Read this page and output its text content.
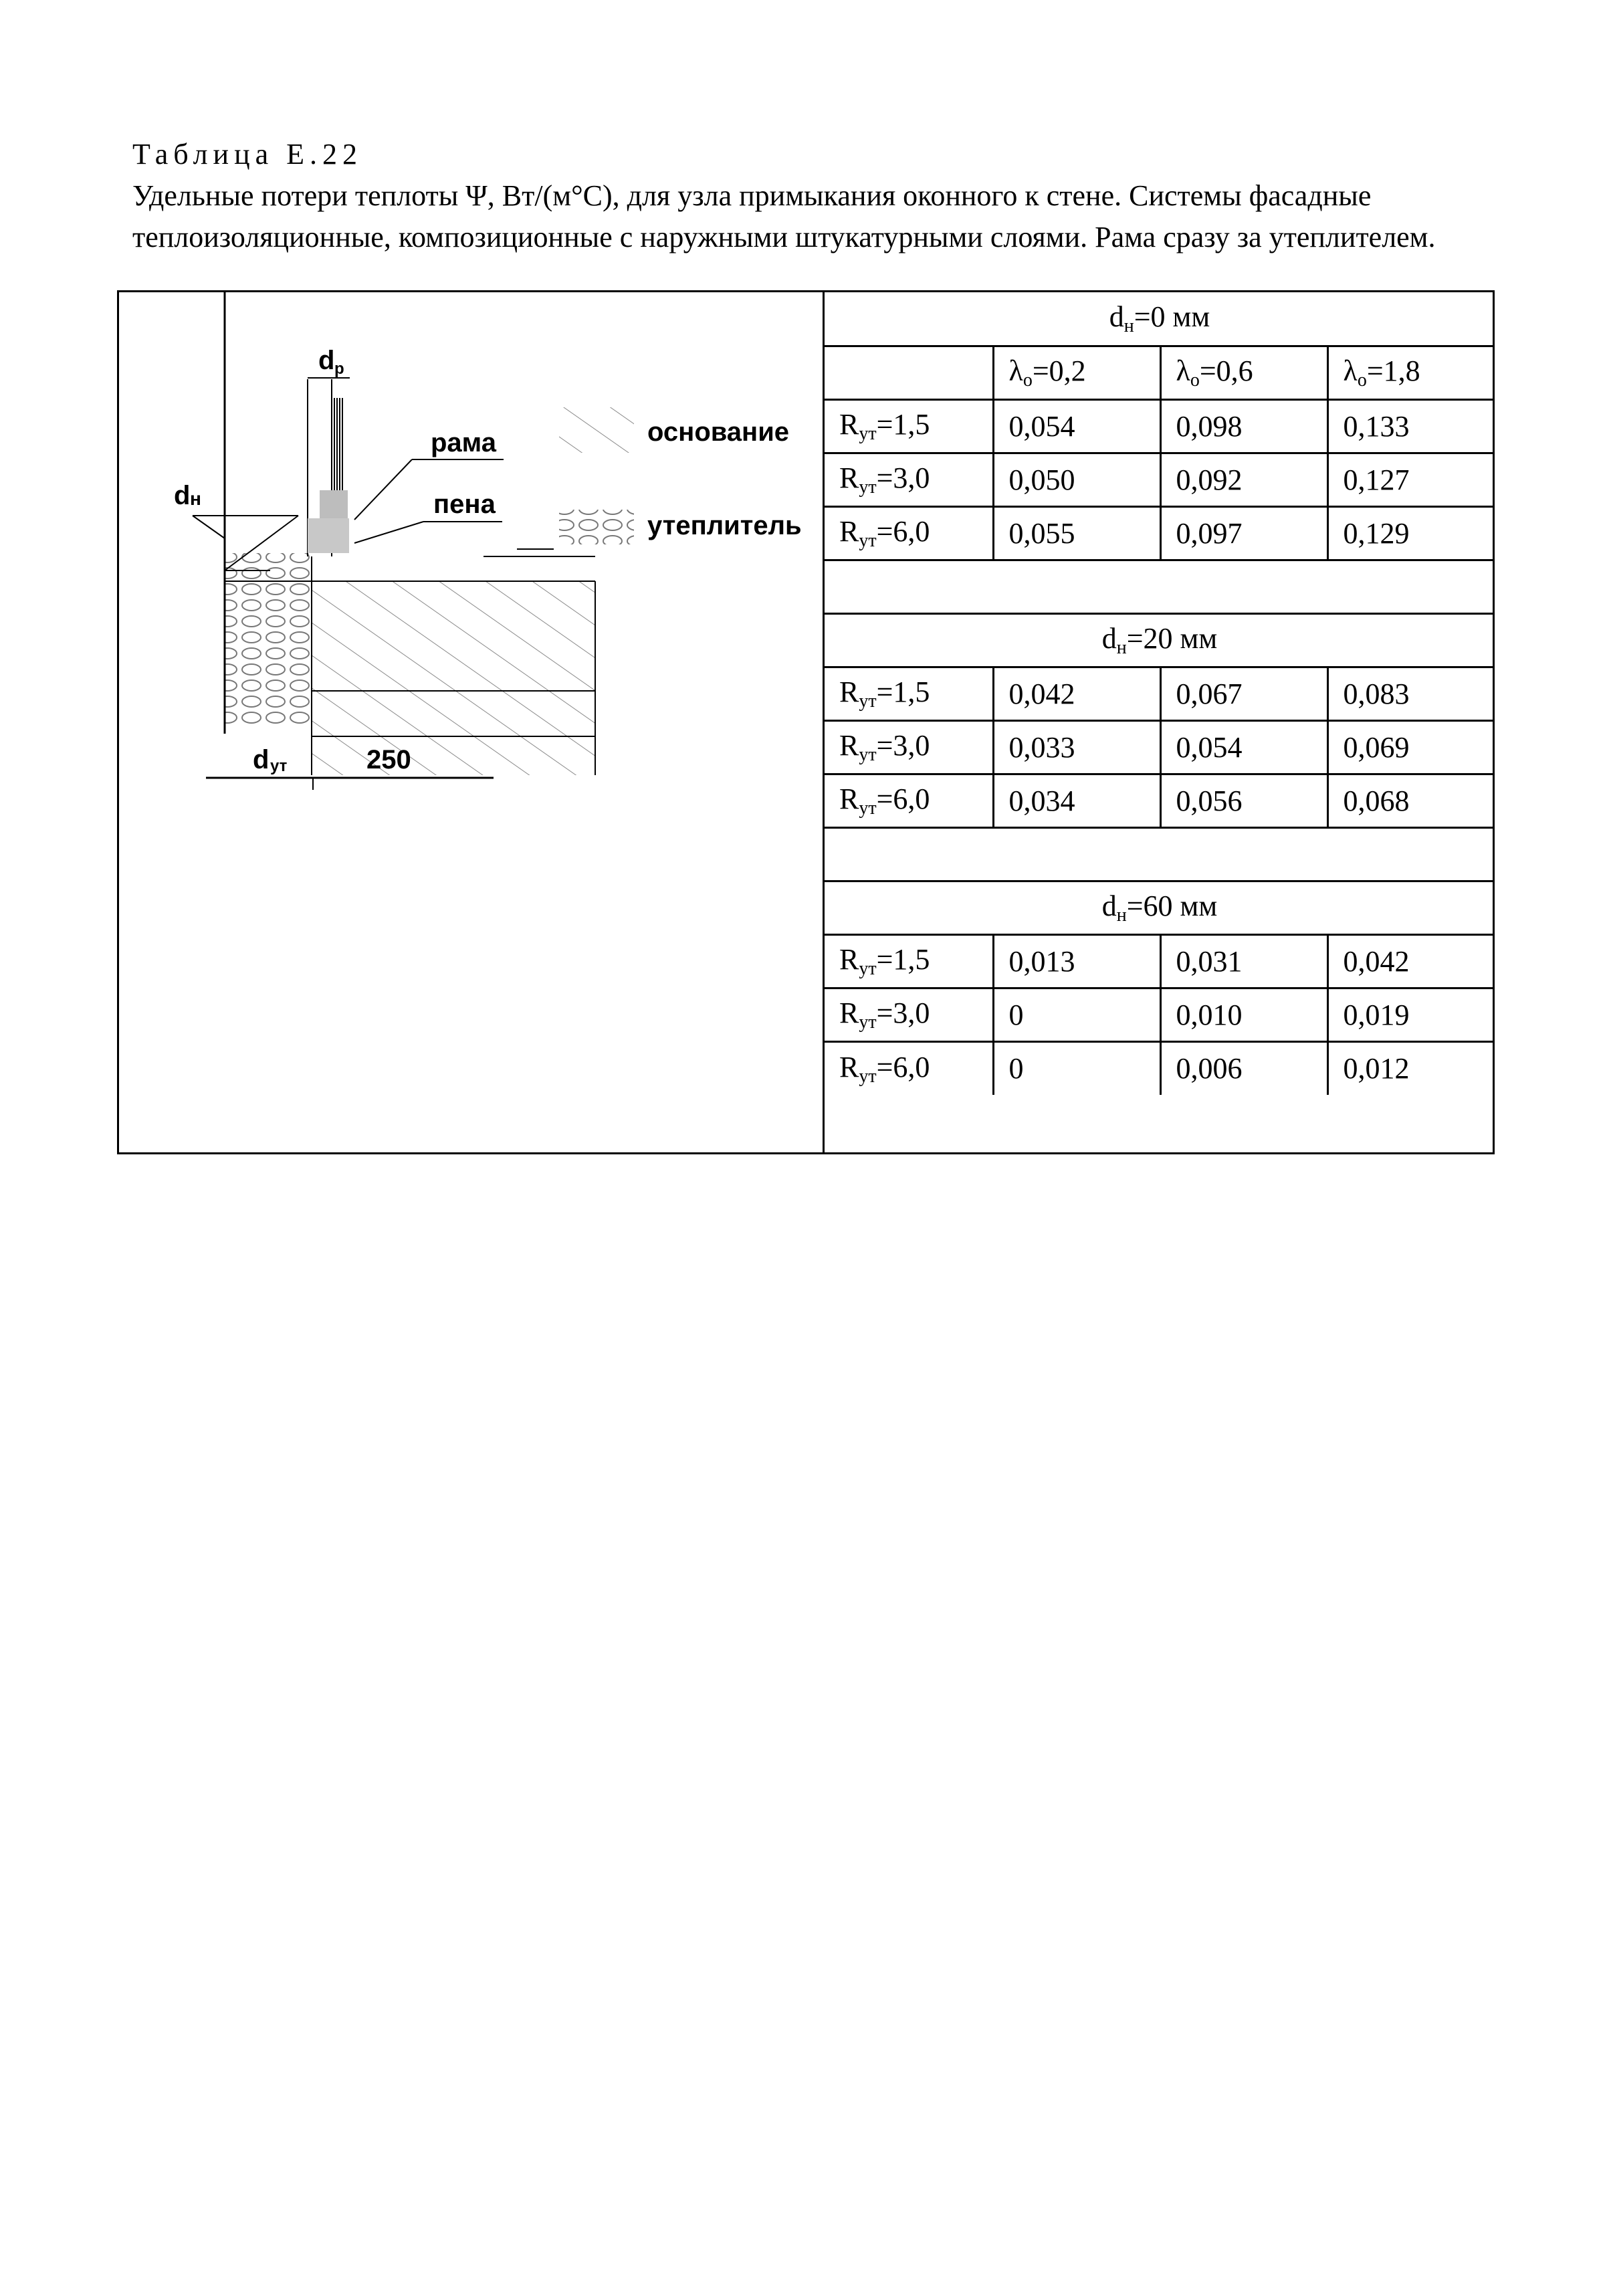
Таблица Е.22
Удельные потери теплоты Ψ, Вт/(м°С), для узла примыкания оконного к стене. Системы фасадные теплоизоляционные, композиционные с наружными штукатурными слоями. Рама сразу за утеплителем.
d р
d н
рама
пена
основание
утеплитель
d ут	250
$d_н=0$ мм			
	$\lambda_о=0,2$	$\lambda_о=0,6$	$\lambda_о=1,8$
$R_{ут}=1,5$	0,054	0,098	0,133
$R_{ут}=3,0$	0,050	0,092	0,127
$R_{ут}=6,0$	0,055	0,097	0,129

$d_н=20$ мм			
$R_{ут}=1,5$	0,042	0,067	0,083
$R_{ут}=3,0$	0,033	0,054	0,069
$R_{ут}=6,0$	0,034	0,056	0,068

$d_н=60$ мм			
$R_{ут}=1,5$	0,013	0,031	0,042
$R_{ут}=3,0$	0	0,010	0,019
$R_{ут}=6,0$	0	0,006	0,012
